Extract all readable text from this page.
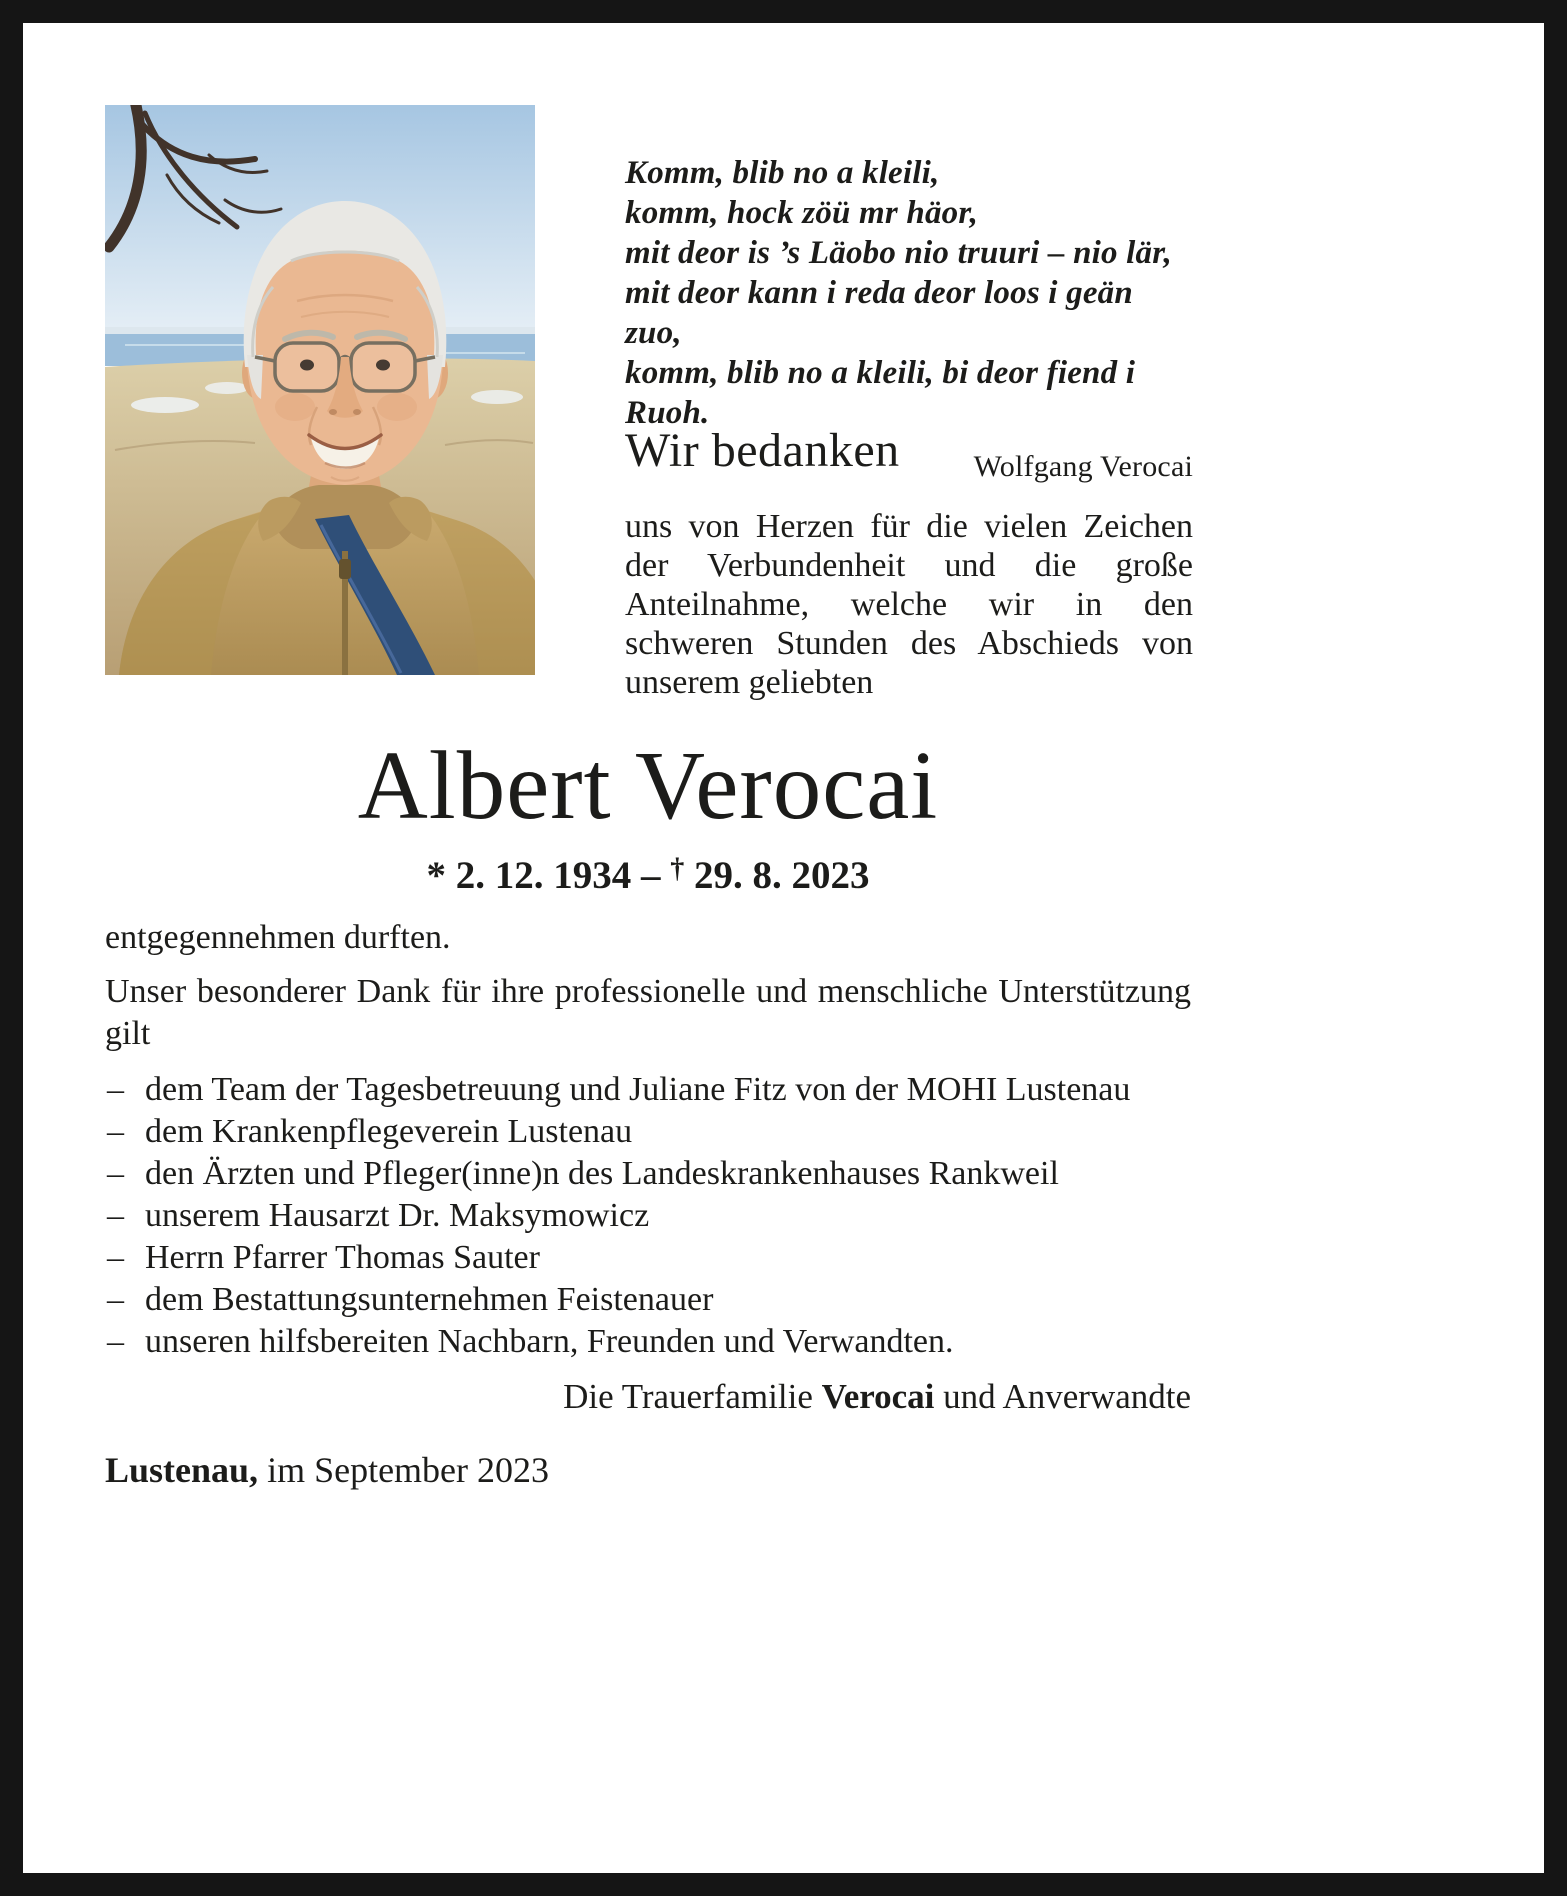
Komm, blib no a kleili,
komm, hock zöü mr häor,
mit deor is ’s Läobo nio truuri – nio lär,
mit deor kann i reda deor loos i geän zuo,
komm, blib no a kleili, bi deor fiend i Ruoh.
Wolfgang Verocai
Wir bedanken
uns von Herzen für die vielen Zeichen der Verbundenheit und die große Anteilnahme, welche wir in den schweren Stunden des Abschieds von unserem geliebten
Albert Verocai
* 2. 12. 1934 – † 29. 8. 2023
entgegennehmen durften.
Unser besonderer Dank für ihre professionelle und menschliche Unterstützung gilt
– dem Team der Tagesbetreuung und Juliane Fitz von der MOHI Lustenau
– dem Krankenpflegeverein Lustenau
– den Ärzten und Pfleger(inne)n des Landeskrankenhauses Rankweil
– unserem Hausarzt Dr. Maksymowicz
– Herrn Pfarrer Thomas Sauter
– dem Bestattungsunternehmen Feistenauer
– unseren hilfsbereiten Nachbarn, Freunden und Verwandten.
Die Trauerfamilie Verocai und Anverwandte
Lustenau, im September 2023
